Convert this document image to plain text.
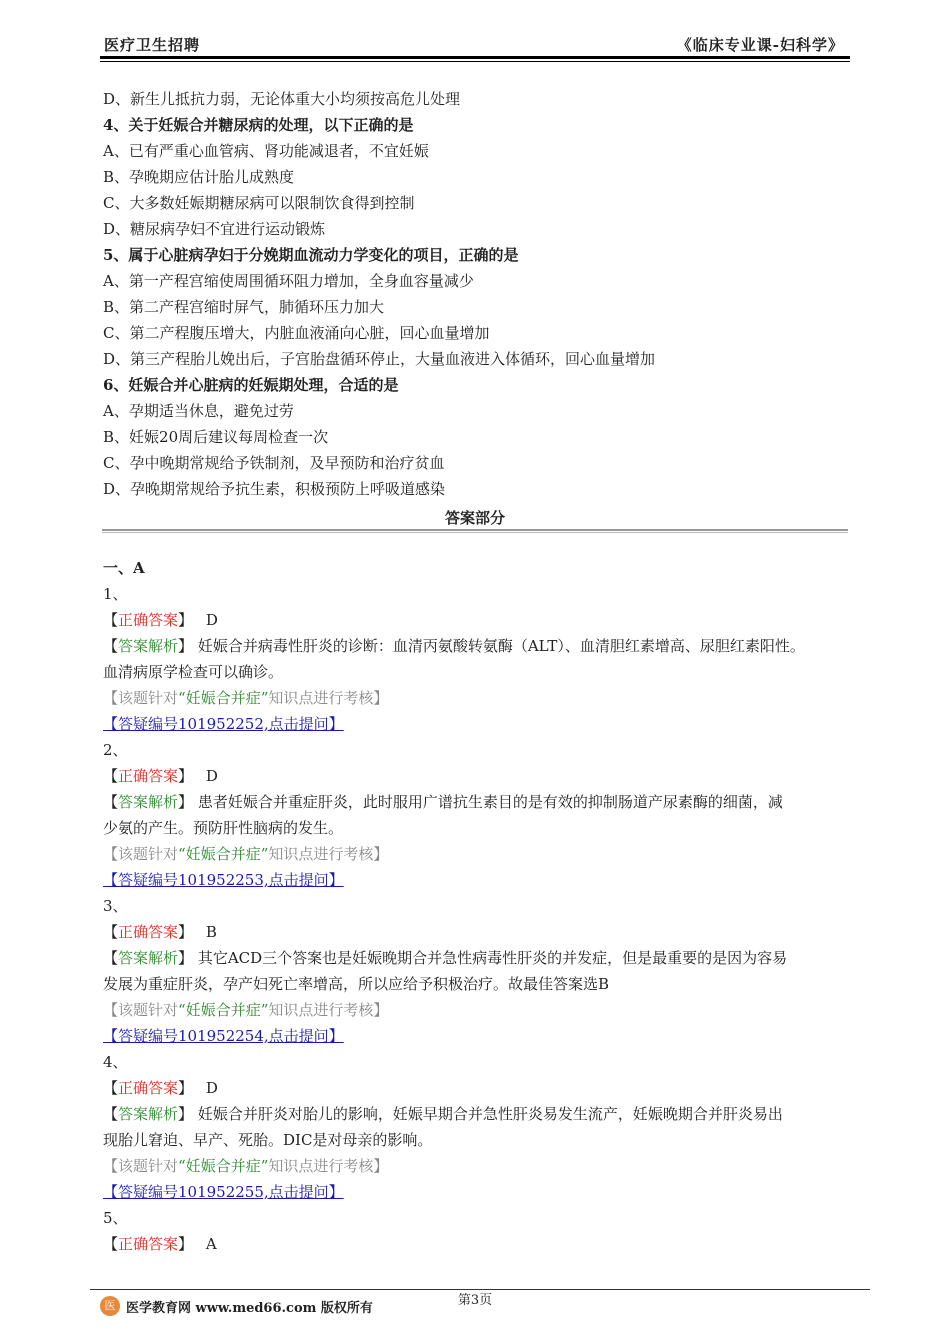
医疗卫生招聘	《临床专业课-妇科学》
D、新生儿抵抗力弱，无论体重大小均须按高危儿处理
4、关于妊娠合并糖尿病的处理，以下正确的是
A、已有严重心血管病、肾功能减退者，不宜妊娠
B、孕晚期应估计胎儿成熟度
C、大多数妊娠期糖尿病可以限制饮食得到控制
D、糖尿病孕妇不宜进行运动锻炼
5、属于心脏病孕妇于分娩期血流动力学变化的项目，正确的是
A、第一产程宫缩使周围循环阻力增加，全身血容量减少
B、第二产程宫缩时屏气，肺循环压力加大
C、第二产程腹压增大，内脏血液涌向心脏，回心血量增加
D、第三产程胎儿娩出后，子宫胎盘循环停止，大量血液进入体循环，回心血量增加
6、妊娠合并心脏病的妊娠期处理，合适的是
A、孕期适当休息，避免过劳
B、妊娠20周后建议每周检查一次
C、孕中晚期常规给予铁制剂，及早预防和治疗贫血
D、孕晚期常规给予抗生素，积极预防上呼吸道感染
答案部分
一、A
1、
【正确答案】 D
【答案解析】 妊娠合并病毒性肝炎的诊断：血清丙氨酸转氨酶（ALT）、血清胆红素增高、尿胆红素阳性。
血清病原学检查可以确诊。
【该题针对“妊娠合并症”知识点进行考核】
【答疑编号101952252,点击提问】
2、
【正确答案】 D
【答案解析】 患者妊娠合并重症肝炎，此时服用广谱抗生素目的是有效的抑制肠道产尿素酶的细菌，减
少氨的产生。预防肝性脑病的发生。
【该题针对“妊娠合并症”知识点进行考核】
【答疑编号101952253,点击提问】
3、
【正确答案】 B
【答案解析】 其它ACD三个答案也是妊娠晚期合并急性病毒性肝炎的并发症，但是最重要的是因为容易
发展为重症肝炎，孕产妇死亡率增高，所以应给予积极治疗。故最佳答案选B
【该题针对“妊娠合并症”知识点进行考核】
【答疑编号101952254,点击提问】
4、
【正确答案】 D
【答案解析】 妊娠合并肝炎对胎儿的影响，妊娠早期合并急性肝炎易发生流产，妊娠晚期合并肝炎易出
现胎儿窘迫、早产、死胎。DIC是对母亲的影响。
【该题针对“妊娠合并症”知识点进行考核】
【答疑编号101952255,点击提问】
5、
【正确答案】 A
第3页
医 医学教育网 www.med66.com 版权所有
